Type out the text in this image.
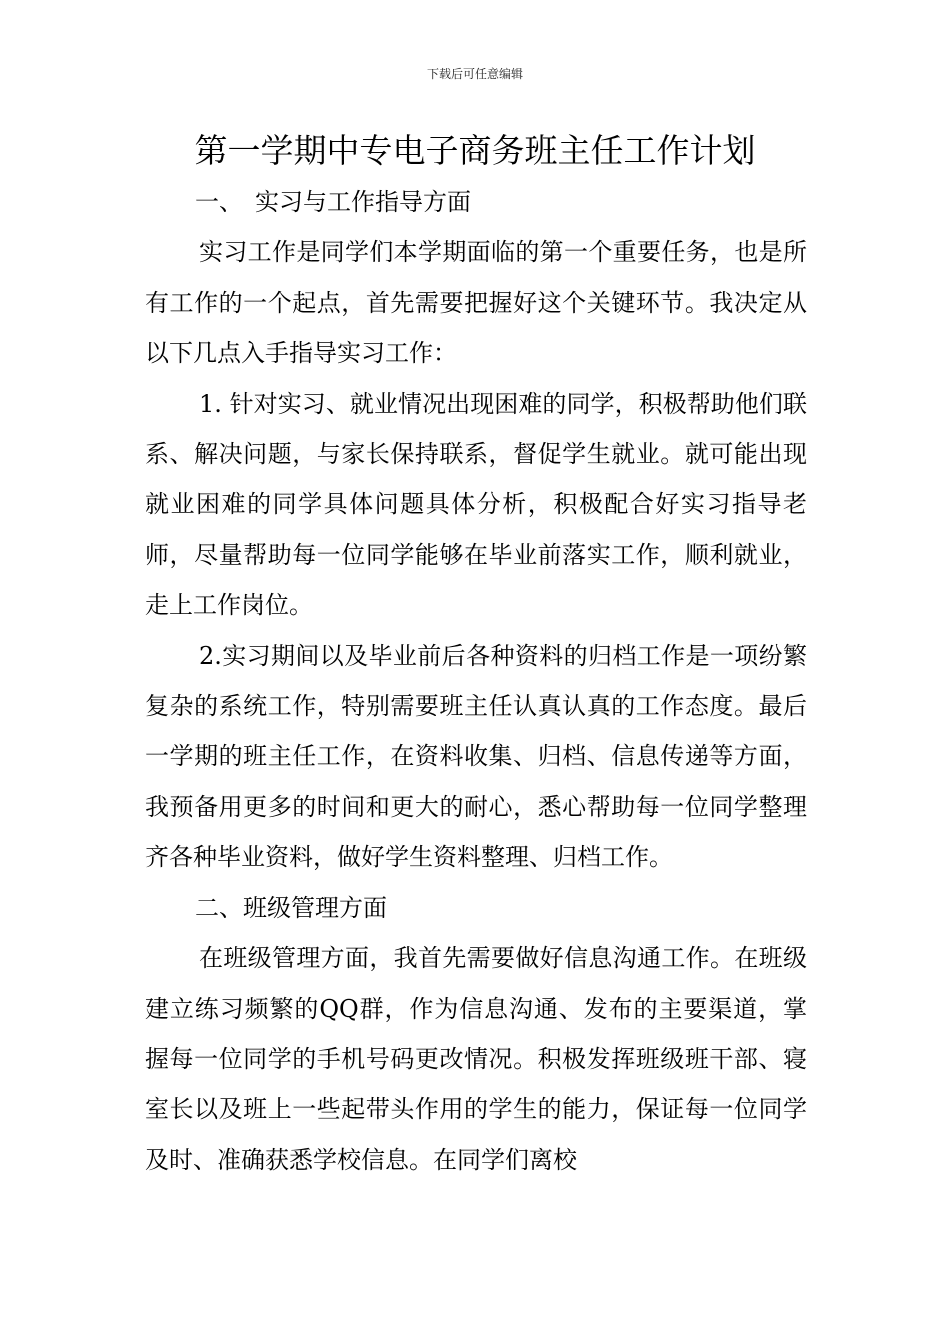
下载后可任意编辑
第一学期中专电子商务班主任工作计划

一、　实习与工作指导方面

实习工作是同学们本学期面临的第一个重要任务，也是所有工作的一个起点，首先需要把握好这个关键环节。我决定从以下几点入手指导实习工作：

1. 针对实习、就业情况出现困难的同学，积极帮助他们联系、解决问题，与家长保持联系，督促学生就业。就可能出现就业困难的同学具体问题具体分析，积极配合好实习指导老师，尽量帮助每一位同学能够在毕业前落实工作，顺利就业，走上工作岗位。

2.实习期间以及毕业前后各种资料的归档工作是一项纷繁复杂的系统工作，特别需要班主任认真认真的工作态度。最后一学期的班主任工作，在资料收集、归档、信息传递等方面，我预备用更多的时间和更大的耐心，悉心帮助每一位同学整理齐各种毕业资料，做好学生资料整理、归档工作。

二、班级管理方面

在班级管理方面，我首先需要做好信息沟通工作。在班级建立练习频繁的QQ群，作为信息沟通、发布的主要渠道，掌握每一位同学的手机号码更改情况。积极发挥班级班干部、寝室长以及班上一些起带头作用的学生的能力，保证每一位同学及时、准确获悉学校信息。在同学们离校
